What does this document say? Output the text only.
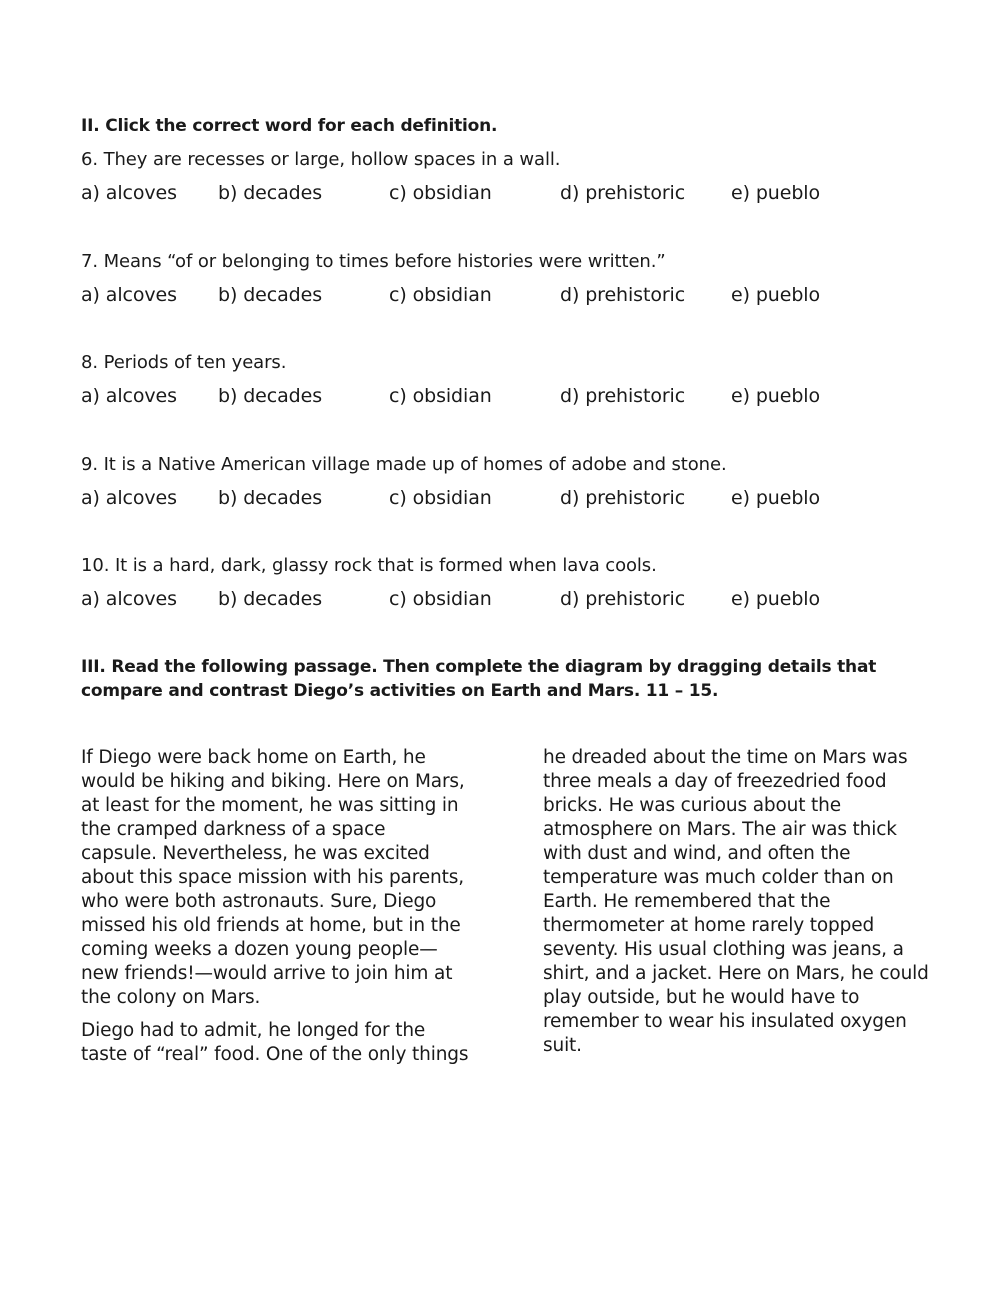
II. Click the correct word for each definition.
6. They are recesses or large, hollow spaces in a wall.
a) alcoves b) decades	c) obsidian	d) prehistoric e) pueblo
7. Means “of or belonging to times before histories were written.”
a) alcoves b) decades	c) obsidian	d) prehistoric e) pueblo
8. Periods of ten years.
a) alcoves b) decades	c) obsidian	d) prehistoric e) pueblo
9. It is a Native American village made up of homes of adobe and stone.
a) alcoves b) decades	c) obsidian	d) prehistoric e) pueblo
10. It is a hard, dark, glassy rock that is formed when lava cools.
a) alcoves b) decades	c) obsidian	d) prehistoric e) pueblo
III. Read the following passage. Then complete the diagram by dragging details that
compare and contrast Diego’s activities on Earth and Mars. 11 – 15.

If Diego were back home on Earth, he
would be hiking and biking. Here on Mars,
at least for the moment, he was sitting in
the cramped darkness of a space
capsule. Nevertheless, he was excited
about this space mission with his parents,
who were both astronauts. Sure, Diego
missed his old friends at home, but in the
coming weeks a dozen young people—
new friends!—would arrive to join him at
the colony on Mars.

Diego had to admit, he longed for the
taste of “real” food. One of the only things

he dreaded about the time on Mars was
three meals a day of freezedried food
bricks. He was curious about the
atmosphere on Mars. The air was thick
with dust and wind, and often the
temperature was much colder than on
Earth. He remembered that the
thermometer at home rarely topped
seventy. His usual clothing was jeans, a
shirt, and a jacket. Here on Mars, he could
play outside, but he would have to
remember to wear his insulated oxygen
suit.
